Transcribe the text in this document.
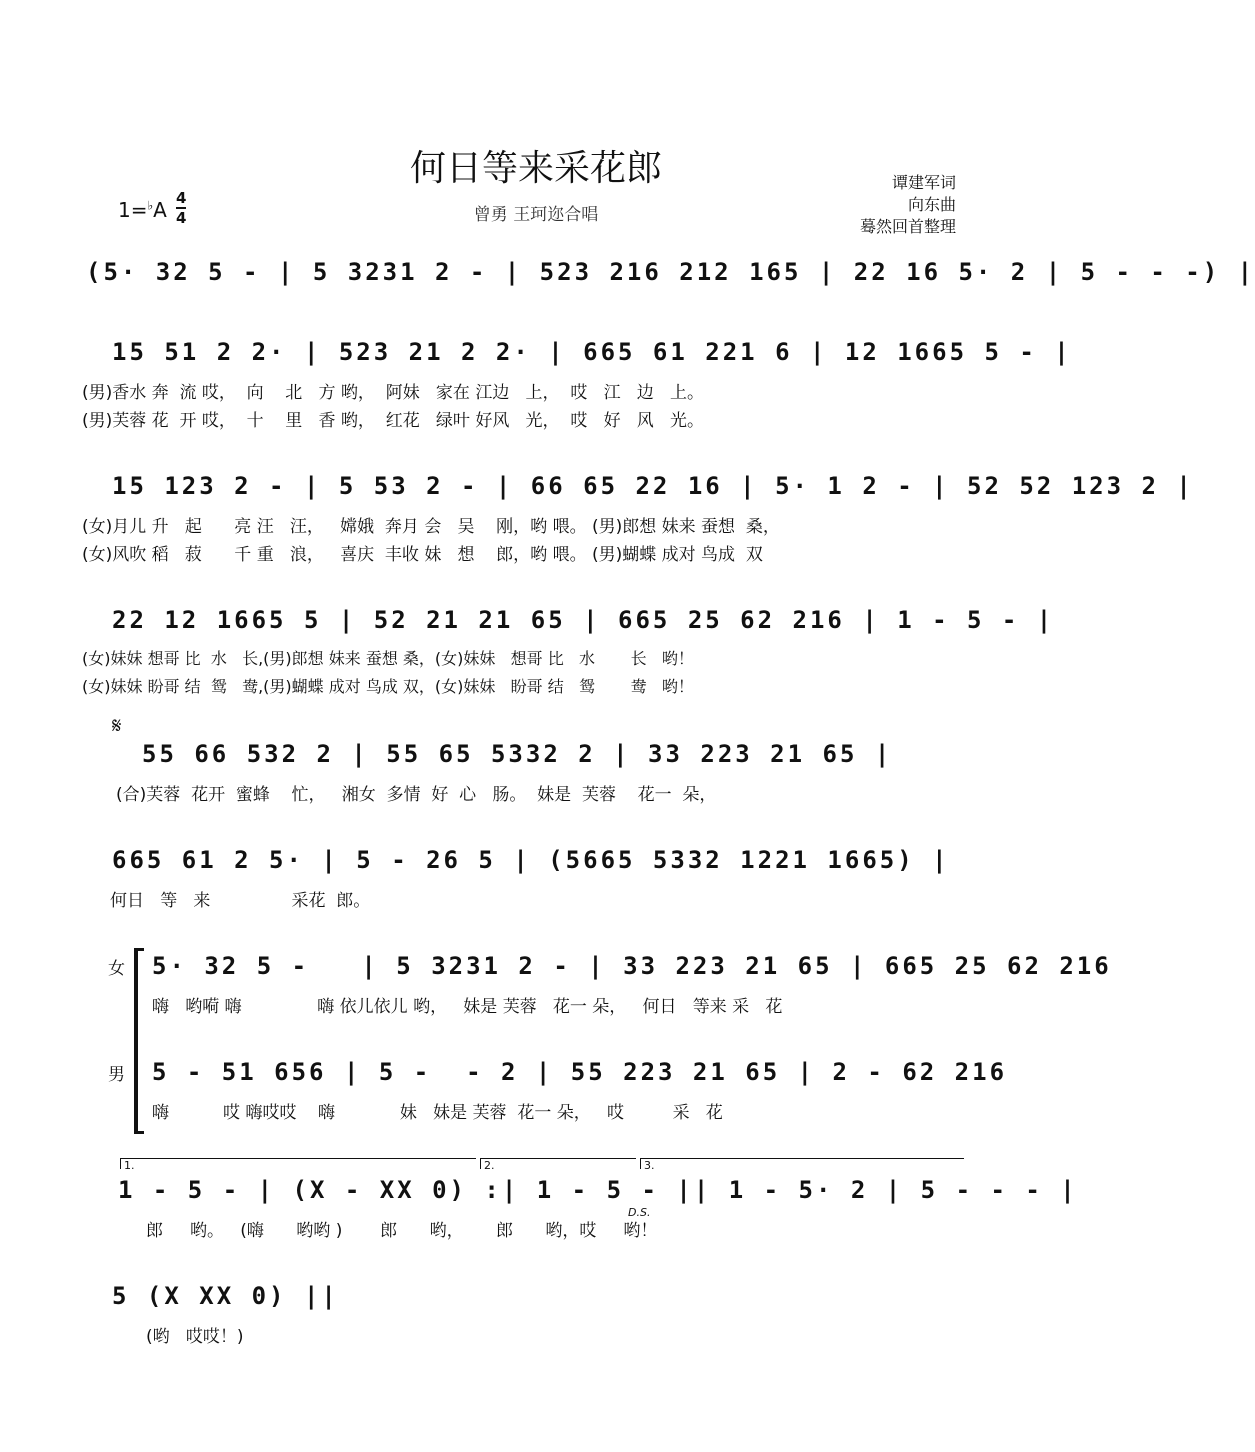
何日等来采花郎
曾勇 王珂迩合唱
谭建军词
向东曲
蓦然回首整理
1=♭A 4
4
(5· 32 5 - | 5 3231 2 - | 523 216 212 165 | 22 16 5· 2 | 5 - - -) |
15 51 2 2· | 523 21 2 2· | 665 61 221 6 | 12 1665 5 - |
(男)香水 奔  流 哎，  向    北   方 哟，  阿妹   家在 江边   上，  哎   江   边   上。
(男)芙蓉 花  开 哎，  十    里   香 哟，  红花   绿叶 好风   光，  哎   好   风   光。
15 123 2 - | 5 53 2 - | 66 65 22 16 | 5· 1 2 - | 52 52 123 2 |
(女)月儿 升   起      亮 汪   汪，   嫦娥  奔月 会   吴    刚，哟 喂。 (男)郎想 妹来 蚕想  桑，
(女)风吹 稻   菽      千 重   浪，   喜庆  丰收 妹   想    郎，哟 喂。 (男)蝴蝶 成对 鸟成  双
22 12 1665 5 | 52 21 21 65 | 665 25 62 216 | 1 - 5 - |
(女)妹妹 想哥 比  水   长,(男)郎想 妹来 蚕想 桑，(女)妹妹   想哥 比   水       长   哟！
(女)妹妹 盼哥 结  鸳   鸯,(男)蝴蝶 成对 鸟成 双，(女)妹妹   盼哥 结   鸳       鸯   哟！
𝄋
55 66 532 2 | 55 65 5332 2 | 33 223 21 65 |
(合)芙蓉  花开  蜜蜂    忙，   湘女  多情  好  心   肠。  妹是  芙蓉    花一  朵，
665 61 2 5· | 5 - 26 5 | (5665 5332 1221 1665) |
何日   等   来               采花  郎。
女
男
5· 32 5 -   | 5 3231 2 - | 33 223 21 65 | 665 25 62 216
嗨   哟嗬 嗨              嗨 依儿依儿 哟，   妹是 芙蓉   花一 朵，   何日   等来 采   花
5 - 51 656 | 5 -  - 2 | 55 223 21 65 | 2 - 62 216
嗨          哎 嗨哎哎    嗨            妹   妹是 芙蓉  花一 朵，   哎         采   花
1.	2.	3.
1 - 5 - | (X - XX 0) :| 1 - 5 - || 1 - 5· 2 | 5 - - - |
D.S.
郎     哟。   (嗨      哟哟 )       郎      哟，      郎      哟，哎     哟！
5 (X XX 0) ||
(哟   哎哎！)
